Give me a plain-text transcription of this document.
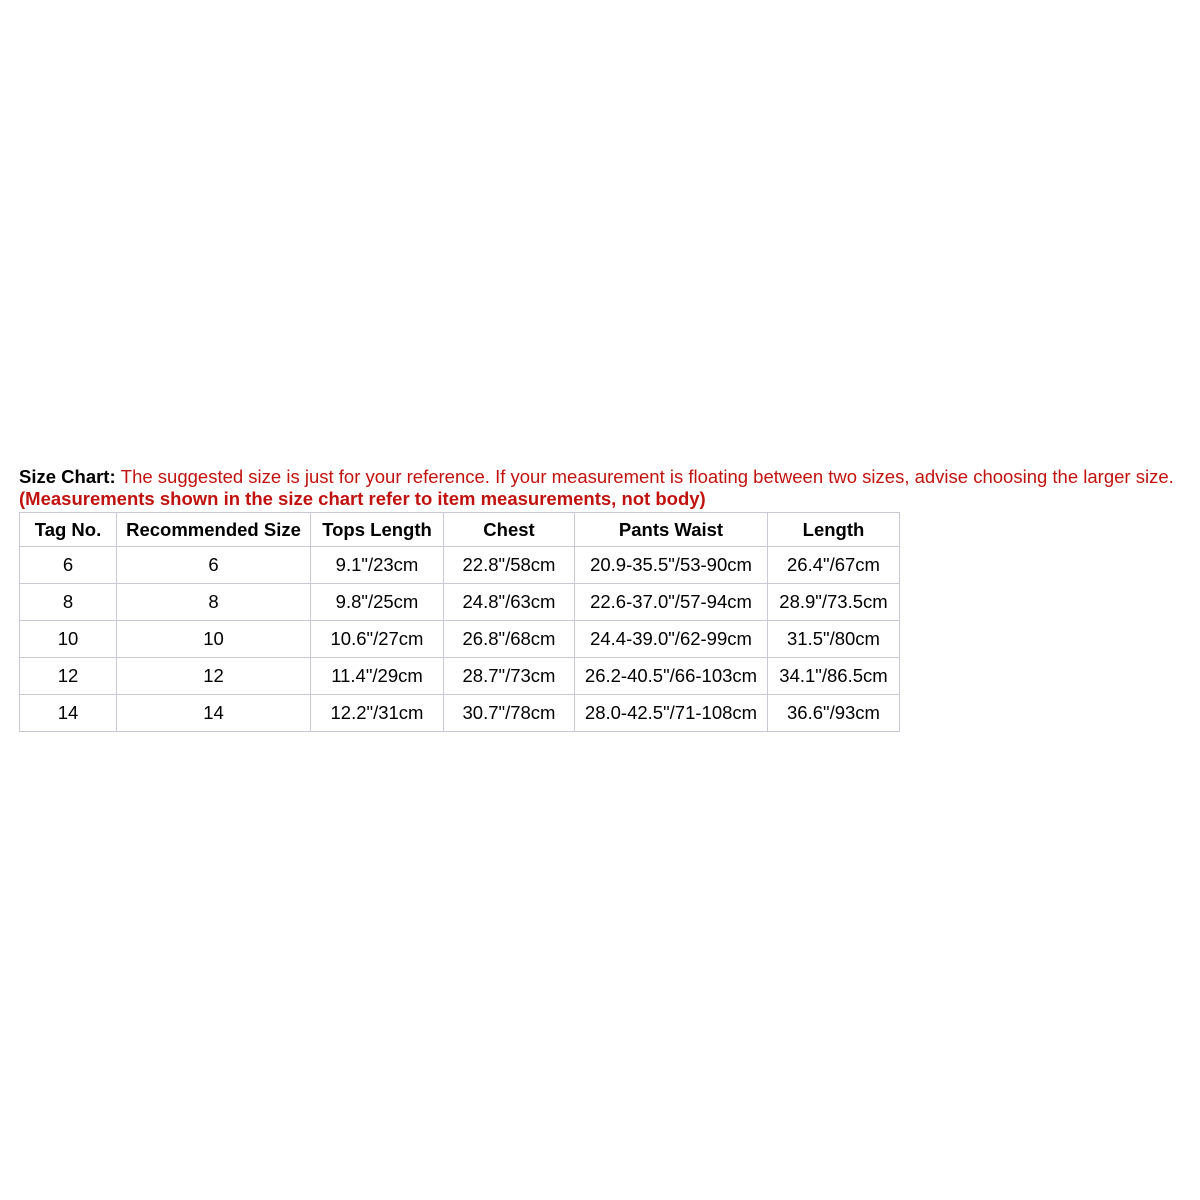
Size Chart: The suggested size is just for your reference. If your measurement is floating between two sizes, advise choosing the larger size. (Measurements shown in the size chart refer to item measurements, not body)

Tag No.	Recommended Size	Tops Length	Chest	Pants Waist	Length
6	6	9.1"/23cm	22.8"/58cm	20.9-35.5"/53-90cm	26.4"/67cm
8	8	9.8"/25cm	24.8"/63cm	22.6-37.0"/57-94cm	28.9"/73.5cm
10	10	10.6"/27cm	26.8"/68cm	24.4-39.0"/62-99cm	31.5"/80cm
12	12	11.4"/29cm	28.7"/73cm	26.2-40.5"/66-103cm	34.1"/86.5cm
14	14	12.2"/31cm	30.7"/78cm	28.0-42.5"/71-108cm	36.6"/93cm
